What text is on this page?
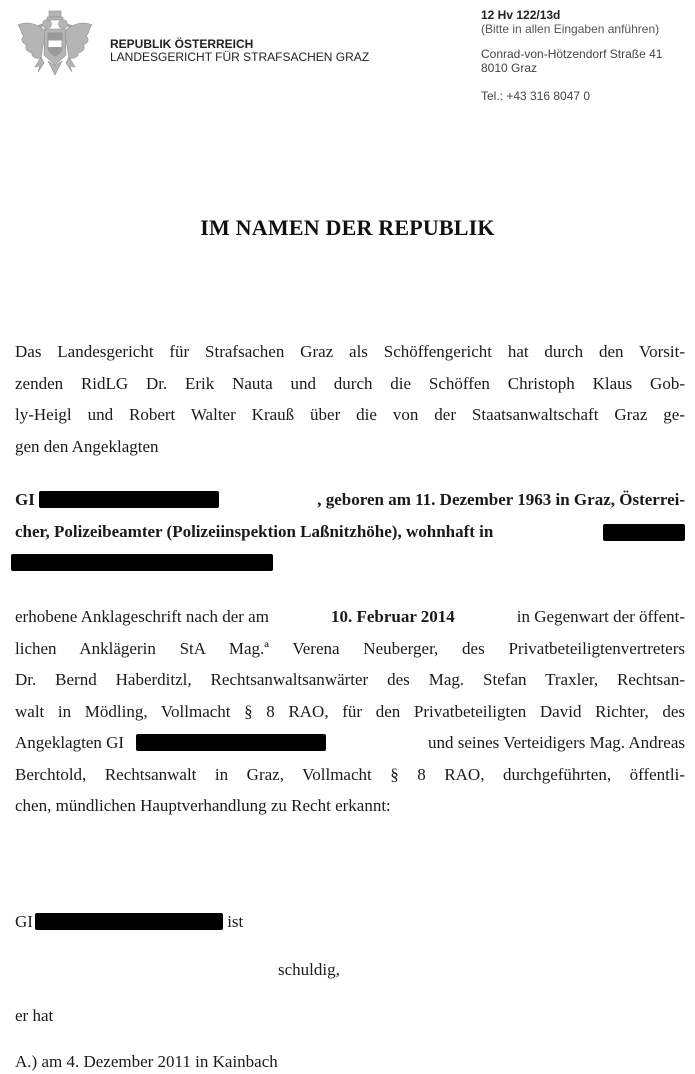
REPUBLIK ÖSTERREICH
LANDESGERICHT FÜR STRAFSACHEN GRAZ
12 Hv 122/13d
(Bitte in allen Eingaben anführen)
Conrad-von-Hötzendorf Straße 41
8010 Graz
Tel.: +43 316 8047 0
IM NAMEN DER REPUBLIK
Das Landesgericht für Strafsachen Graz als Schöffengericht hat durch den Vorsit-
zenden RidLG Dr. Erik Nauta und durch die Schöffen Christoph Klaus Gob-
ly-Heigl und Robert Walter Krauß über die von der Staatsanwaltschaft Graz ge-
gen den Angeklagten
GI	, geboren am 11. Dezember 1963 in Graz, Österrei-
cher, Polizeibeamter (Polizeiinspektion Laßnitzhöhe), wohnhaft in
erhobene Anklageschrift nach der am	10. Februar 2014	in Gegenwart der öffent-
lichen Anklägerin StA Mag.ª Verena Neuberger, des Privatbeteiligtenvertreters
Dr. Bernd Haberditzl, Rechtsanwaltsanwärter des Mag. Stefan Traxler, Rechtsan-
walt in Mödling, Vollmacht § 8 RAO, für den Privatbeteiligten David Richter, des
Angeklagten GI	und seines Verteidigers Mag. Andreas
Berchtold, Rechtsanwalt in Graz, Vollmacht § 8 RAO, durchgeführten, öffentli-
chen, mündlichen Hauptverhandlung zu Recht erkannt:
GI	ist
schuldig,
er hat
A.) am 4. Dezember 2011 in Kainbach
